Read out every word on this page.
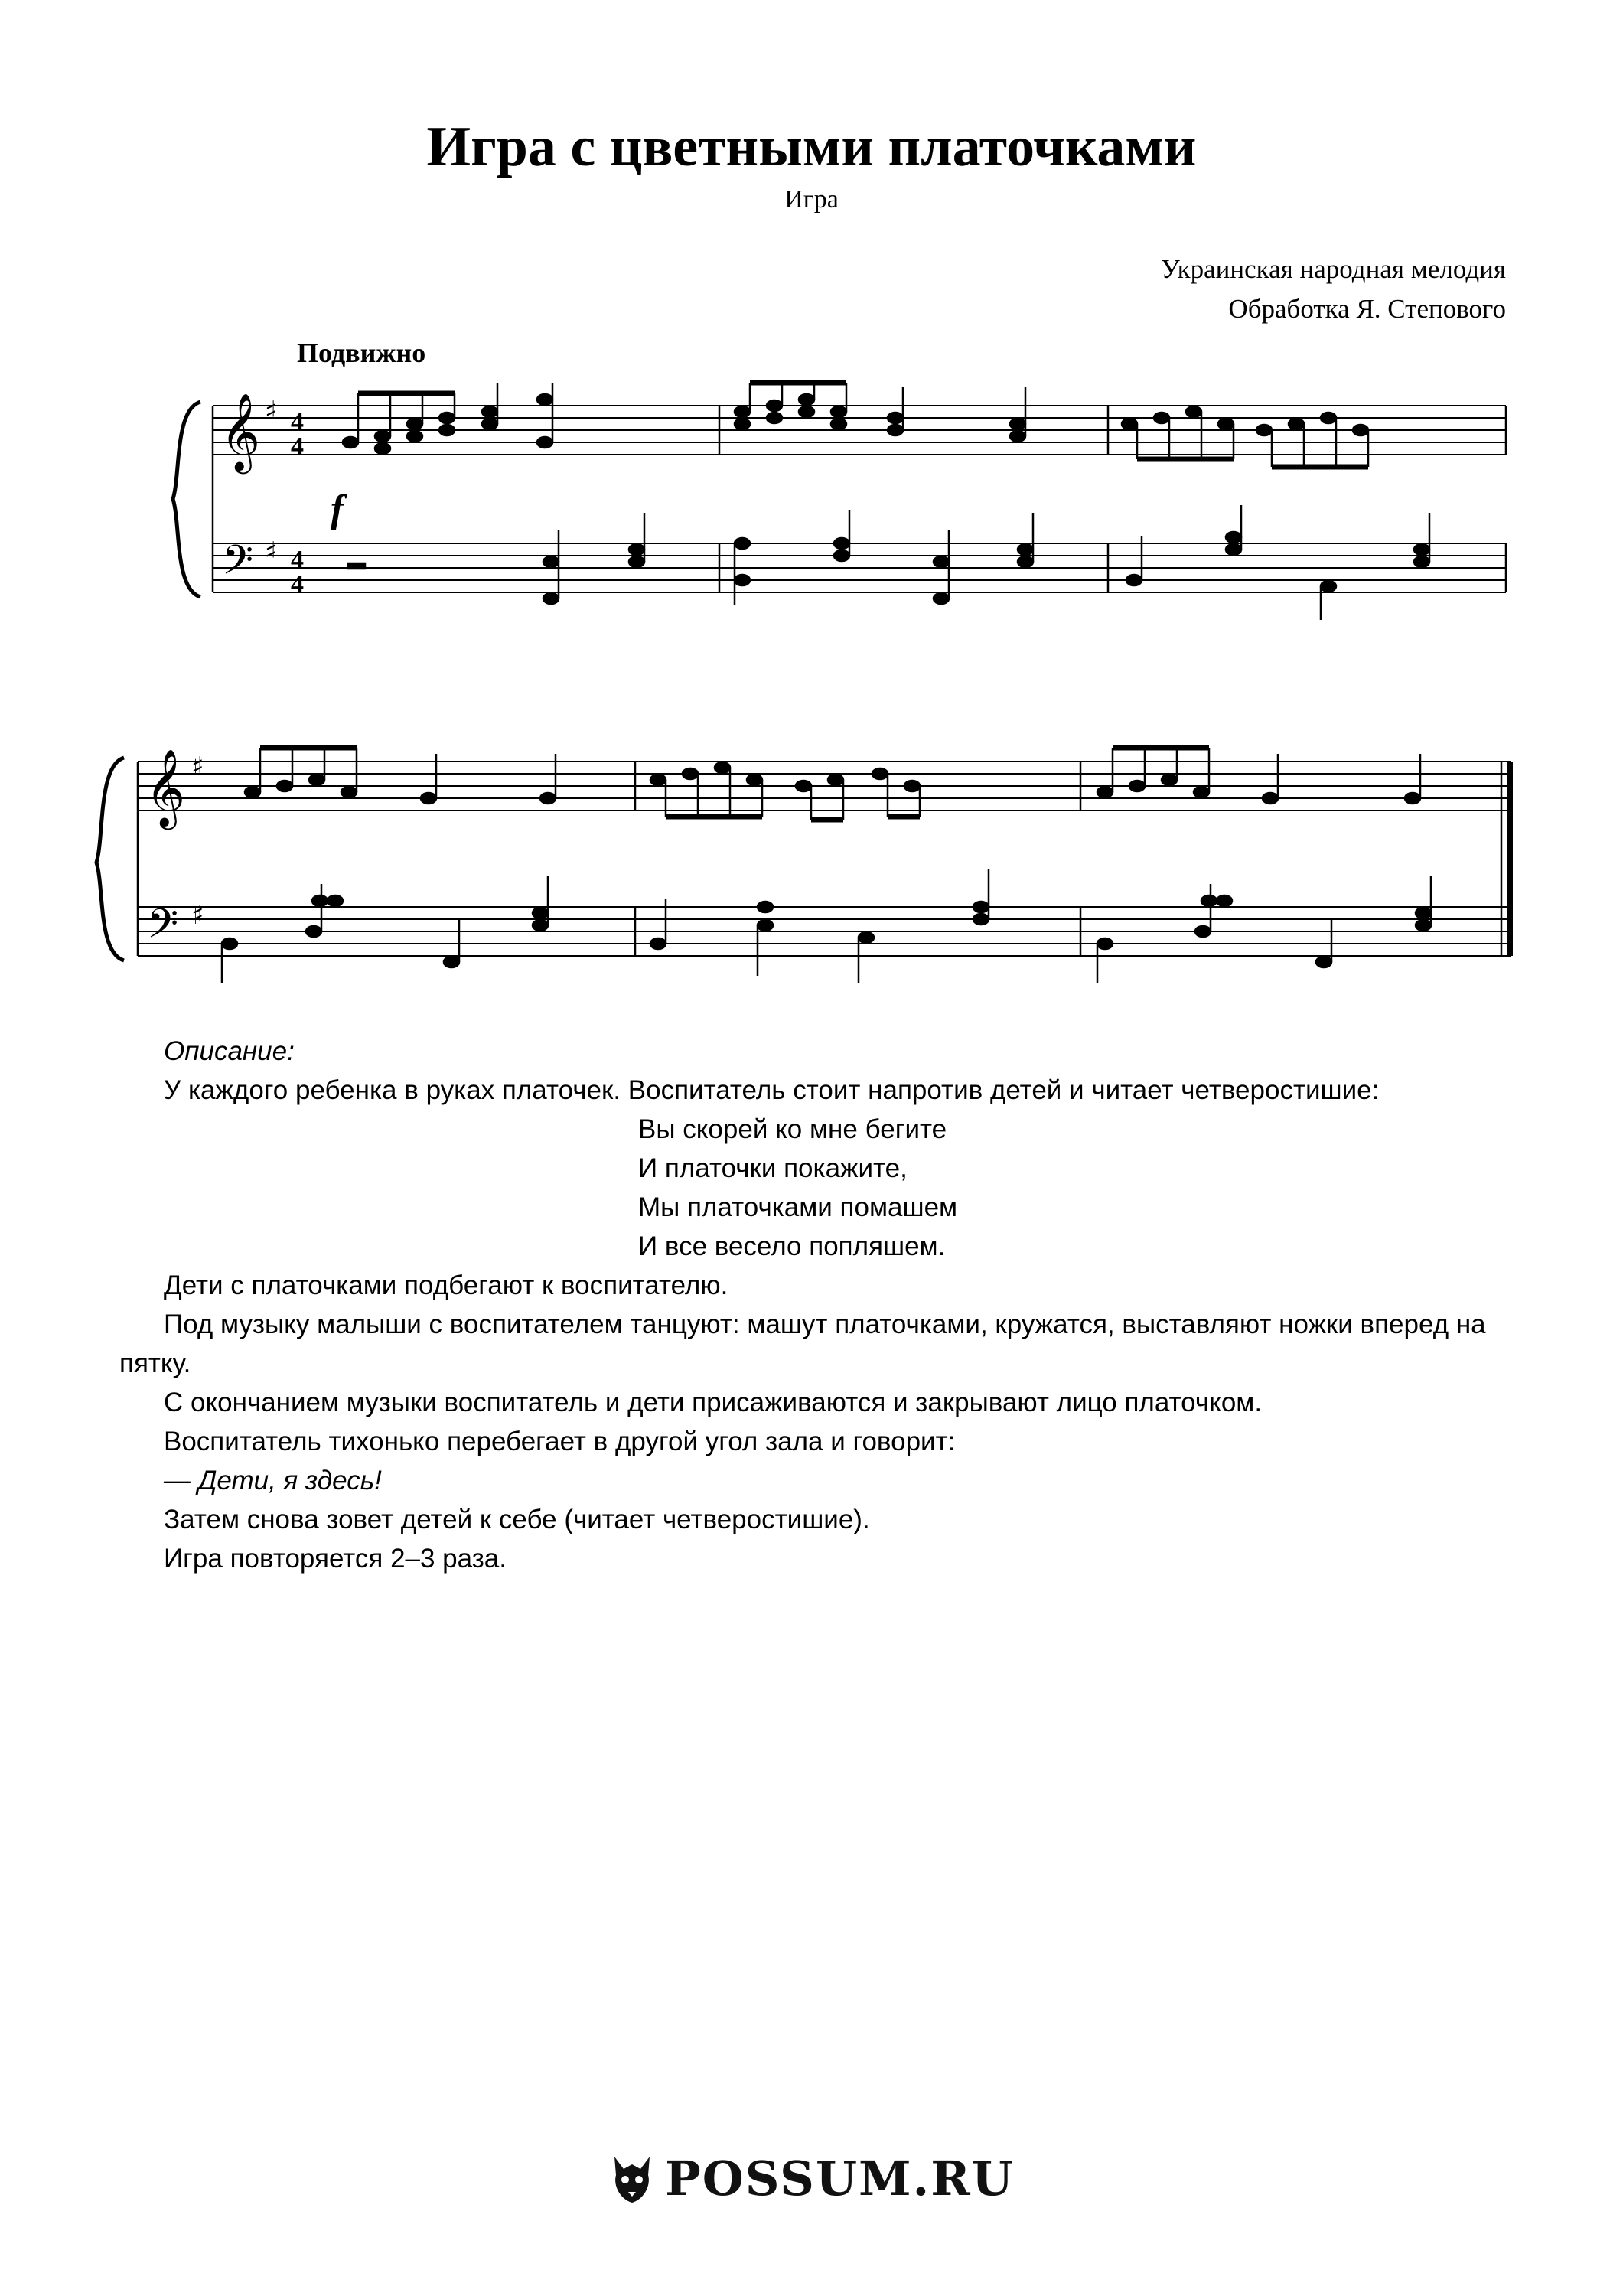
Игра с цветными платочками
Игра
Украинская народная мелодия
Обработка Я. Степового
Подвижно
𝄞
𝄢
♯
♯
4
4
4
4
f
𝄞
𝄢
♯
♯

Описание:

У каждого ребенка в руках платочек. Воспитатель стоит напротив детей и читает четверостишие:

Вы скорей ко мне бегите

И платочки покажите,

Мы платочками помашем

И все весело попляшем.

Дети с платочками подбегают к воспитателю.

Под музыку малыши с воспитателем танцуют: машут платочками, кружатся, выставляют ножки вперед на пятку.

С окончанием музыки воспитатель и дети присаживаются и закрывают лицо платочком.

Воспитатель тихонько перебегает в другой угол зала и говорит:

— Дети, я здесь!

Затем снова зовет детей к себе (читает четверостишие).

Игра повторяется 2–3 раза.

POSSUM.RU
